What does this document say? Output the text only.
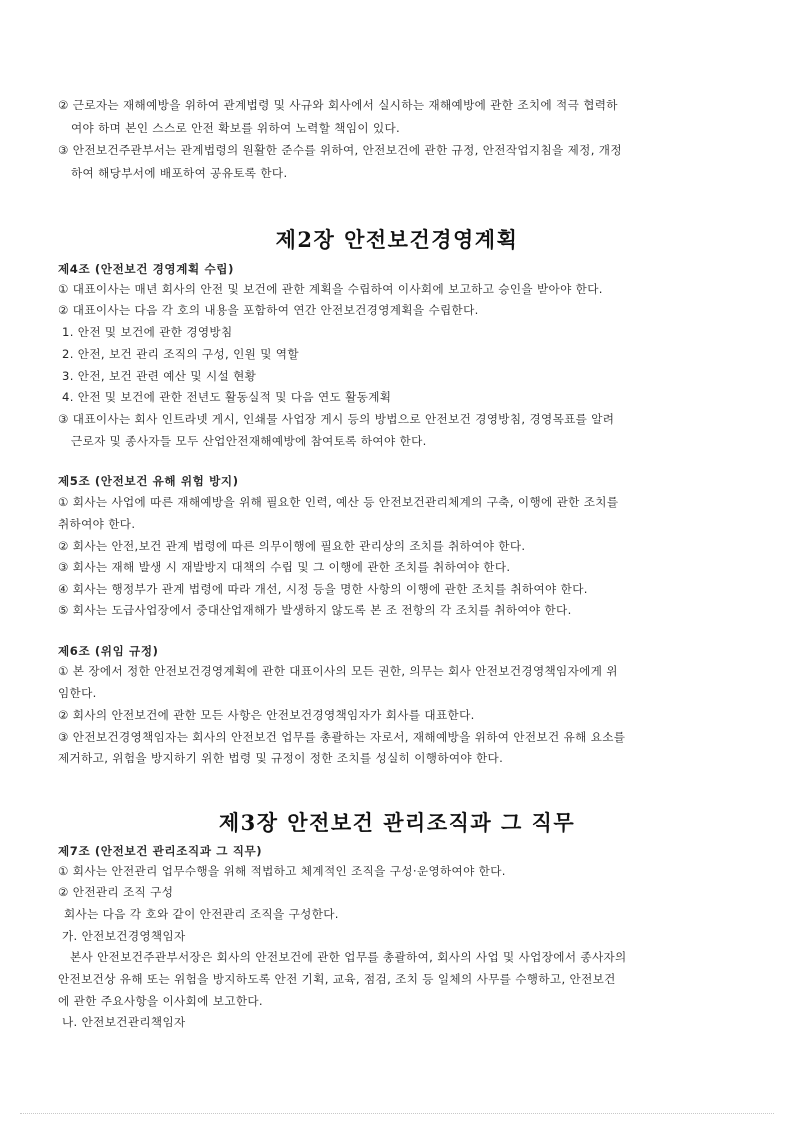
② 근로자는 재해예방을 위하여 관계법령 및 사규와 회사에서 실시하는 재해예방에 관한 조치에 적극 협력하
여야 하며 본인 스스로 안전 확보를 위하여 노력할 책임이 있다.
③ 안전보건주관부서는 관계법령의 원활한 준수를 위하여, 안전보건에 관한 규정, 안전작업지침을 제정, 개정
하여 해당부서에 배포하여 공유토록 한다.
제2장 안전보건경영계획
제4조 (안전보건 경영계획 수립)
① 대표이사는 매년 회사의 안전 및 보건에 관한 계획을 수립하여 이사회에 보고하고 승인을 받아야 한다.
② 대표이사는 다음 각 호의 내용을 포함하여 연간 안전보건경영계획을 수립한다.
1. 안전 및 보건에 관한 경영방침
2. 안전, 보건 관리 조직의 구성, 인원 및 역할
3. 안전, 보건 관련 예산 및 시설 현황
4. 안전 및 보건에 관한 전년도 활동실적 및 다음 연도 활동계획
③ 대표이사는 회사 인트라넷 게시, 인쇄물 사업장 게시 등의 방법으로 안전보건 경영방침, 경영목표를 알려
근로자 및 종사자들 모두 산업안전재해예방에 참여토록 하여야 한다.
제5조 (안전보건 유해 위험 방지)
① 회사는 사업에 따른 재해예방을 위해 필요한 인력, 예산 등 안전보건관리체계의 구축, 이행에 관한 조치를
취하여야 한다.
② 회사는 안전,보건 관계 법령에 따른 의무이행에 필요한 관리상의 조치를 취하여야 한다.
③ 회사는 재해 발생 시 재발방지 대책의 수립 및 그 이행에 관한 조치를 취하여야 한다.
④ 회사는 행정부가 관계 법령에 따라 개선, 시정 등을 명한 사항의 이행에 관한 조치를 취하여야 한다.
⑤ 회사는 도급사업장에서 중대산업재해가 발생하지 않도록 본 조 전항의 각 조치를 취하여야 한다.
제6조 (위임 규정)
① 본 장에서 정한 안전보건경영계획에 관한 대표이사의 모든 권한, 의무는 회사 안전보건경영책임자에게 위
임한다.
② 회사의 안전보건에 관한 모든 사항은 안전보건경영책임자가 회사를 대표한다.
③ 안전보건경영책임자는 회사의 안전보건 업무를 총괄하는 자로서, 재해예방을 위하여 안전보건 유해 요소를
제거하고, 위험을 방지하기 위한 법령 및 규정이 정한 조치를 성실히 이행하여야 한다.
제3장 안전보건 관리조직과 그 직무
제7조 (안전보건 관리조직과 그 직무)
① 회사는 안전관리 업무수행을 위해 적법하고 체계적인 조직을 구성·운영하여야 한다.
② 안전관리 조직 구성
회사는 다음 각 호와 같이 안전관리 조직을 구성한다.
가. 안전보건경영책임자
본사 안전보건주관부서장은 회사의 안전보건에 관한 업무를 총괄하여, 회사의 사업 및 사업장에서 종사자의
안전보건상 유해 또는 위험을 방지하도록 안전 기획, 교육, 점검, 조치 등 일체의 사무를 수행하고, 안전보건
에 관한 주요사항을 이사회에 보고한다.
나. 안전보건관리책임자
